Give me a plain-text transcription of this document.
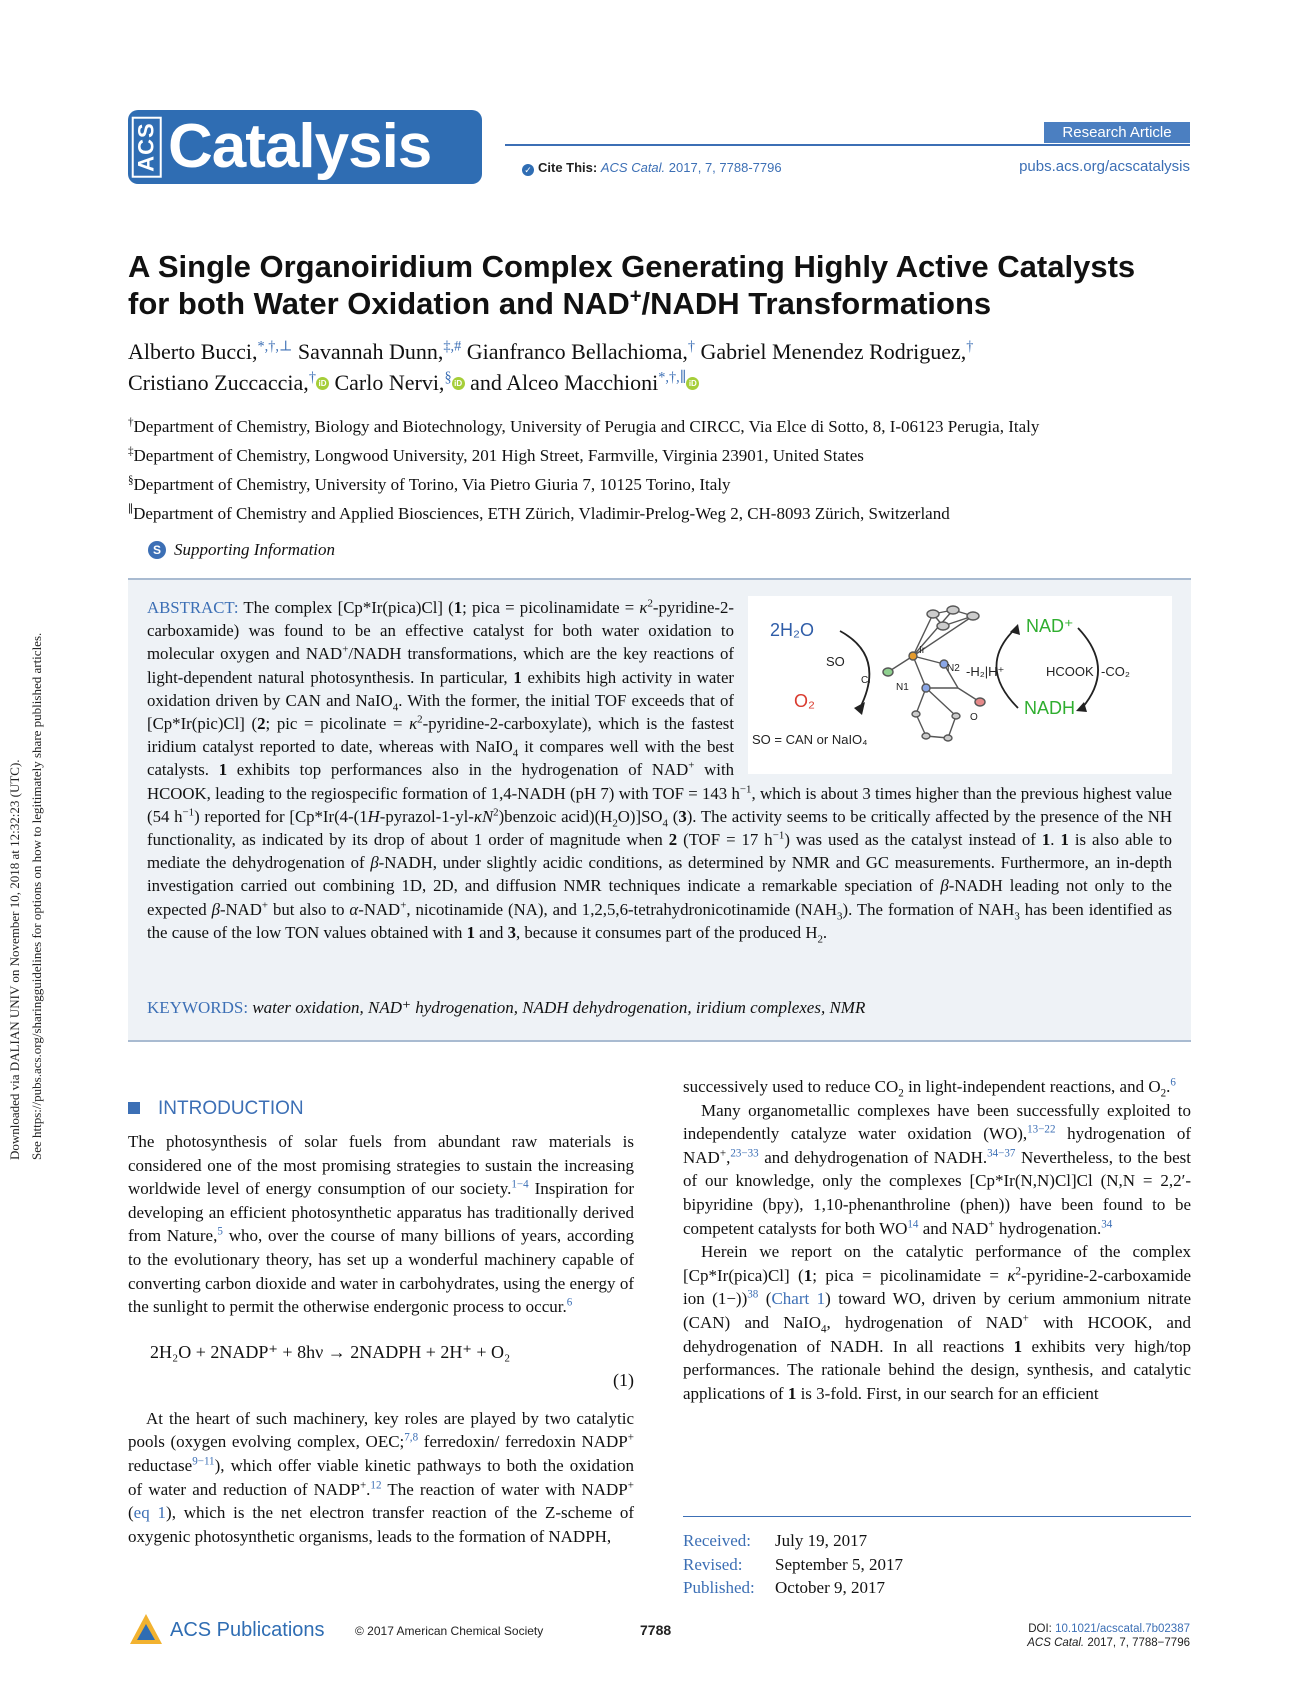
Downloaded via DALIAN UNIV on November 10, 2018 at 12:32:23 (UTC). See https://pubs.acs.org/sharingguidelines for options on how to legitimately share published articles.
ACS Catalysis	Research Article
✓ Cite This: ACS Catal. 2017, 7, 7788-7796	pubs.acs.org/acscatalysis
A Single Organoiridium Complex Generating Highly Active Catalysts
for both Water Oxidation and NAD+/NADH Transformations
Alberto Bucci,*,†,⊥ Savannah Dunn,‡,# Gianfranco Bellachioma,† Gabriel Menendez Rodriguez,†
Cristiano Zuccaccia,† iD Carlo Nervi,§ iD and Alceo Macchioni*,†,∥ iD
†Department of Chemistry, Biology and Biotechnology, University of Perugia and CIRCC, Via Elce di Sotto, 8, I-06123 Perugia, Italy
‡Department of Chemistry, Longwood University, 201 High Street, Farmville, Virginia 23901, United States
§Department of Chemistry, University of Torino, Via Pietro Giuria 7, 10125 Torino, Italy
∥Department of Chemistry and Applied Biosciences, ETH Zürich, Vladimir-Prelog-Weg 2, CH-8093 Zürich, Switzerland
S Supporting Information
2H₂O
SO
O₂
SO = CAN or NaIO₄
Cl
Ir
N1
N2
O
NAD⁺
NADH
-H₂|H⁺	HCOOK -CO₂
ABSTRACT: The complex [Cp*Ir(pica)Cl] (1; pica = picolinamidate = $\kappa^2-pyridine-2-carboxamide$) was found to be an effective catalyst for both water oxidation to molecular oxygen and NAD+/NADH transformations, which are the key reactions of light-dependent natural photosynthesis. In particular, 1 exhibits high activity in water oxidation driven by CAN and NaIO$_4$. With the former, the initial TOF exceeds that of [Cp*Ir(pic)Cl] (2; pic = picolinate = $\kappa^2-pyridine-2-carboxylate$), which is the fastest iridium catalyst reported to date, whereas with NaIO$_4$ it compares well with the best catalysts. 1 exhibits top performances also in the hydrogenation of NAD+ with HCOOK, leading to the regiospecific formation of 1,4-NADH (pH 7) with TOF = 143 $h^{-1}$, which is about 3 times higher than the previous highest value (54 $h^{-1}$) reported for [$Cp*Ir(4-(1H-pyrazol-1-yl-\kappa N^2)benzoic$ $acid)(H_2O)]SO_4$ (3). The activity seems to be critically affected by the presence of the NH functionality, as indicated by its drop of about 1 order of magnitude when 2 (TOF = 17 $h^{-1}$) was used as the catalyst instead of 1. 1 is also able to mediate the dehydrogenation of β-NADH, under slightly acidic conditions, as determined by NMR and GC measurements. Furthermore, an in-depth investigation carried out combining 1D, 2D, and diffusion NMR techniques indicate a remarkable speciation of β-NADH leading not only to the expected β-NAD+ but also to α-NAD+, nicotinamide (NA), and 1,2,5,6-tetrahydronicotinamide $(NAH_3)$. The formation of $NAH_3$ has been identified as the cause of the low TON values obtained with 1 and 3, because it consumes part of the produced $H_2$.
KEYWORDS: water oxidation, NAD⁺ hydrogenation, NADH dehydrogenation, iridium complexes, NMR
INTRODUCTION

The photosynthesis of solar fuels from abundant raw materials is considered one of the most promising strategies to sustain the increasing worldwide level of energy consumption of our society.$^{1-4}$ Inspiration for developing an efficient photosynthetic apparatus has traditionally derived from Nature,$^5$ who, over the course of many billions of years, according to the evolutionary theory, has set up a wonderful machinery capable of converting carbon dioxide and water in carbohydrates, using the energy of the sunlight to permit the otherwise endergonic process to occur.$^6$

2H₂O + 2NADP⁺ + 8hν → 2NADPH + 2H⁺ + O₂
(1)

At the heart of such machinery, key roles are played by two catalytic pools (oxygen evolving complex, OEC;$^{7,8}$ ferredoxin/ ferredoxin NADP+ reductase$^{9-11}$), which offer viable kinetic pathways to both the oxidation of water and reduction of NADP+.$^{12}$ The reaction of water with NADP+ (eq 1), which is the net electron transfer reaction of the Z-scheme of oxygenic photosynthetic organisms, leads to the formation of NADPH,

successively used to reduce $CO_2$ in light-independent reactions, and $O_2.^6$

Many organometallic complexes have been successfully exploited to independently catalyze water oxidation (WO),$^{13-22}$ hydrogenation of NAD+,$^{23-33}$ and dehydrogenation of NADH.$^{34-37}$ Nevertheless, to the best of our knowledge, only the complexes [Cp*Ir(N,N)Cl]Cl (N,N = 2,2′-bipyridine (bpy), 1,10-phenanthroline (phen)) have been found to be competent catalysts for both WO$^{14}$ and NAD+ hydrogenation.$^{34}$

Herein we report on the catalytic performance of the complex [Cp*Ir(pica)Cl] (1; pica = picolinamidate = $\kappa^2-pyridine-2$-carboxamide ion (1−))$^{38}$ (Chart 1) toward WO, driven by cerium ammonium nitrate (CAN) and NaIO$_4$, hydrogenation of NAD+ with HCOOK, and dehydrogenation of NADH. In all reactions 1 exhibits very high/top performances. The rationale behind the design, synthesis, and catalytic applications of 1 is 3-fold. First, in our search for an efficient

Received:	July 19, 2017
Revised:	September 5, 2017
Published:	October 9, 2017
ACS Publications	© 2017 American Chemical Society	7788	DOI: 10.1021/acscatal.7b02387
ACS Catal. 2017, 7, 7788−7796
